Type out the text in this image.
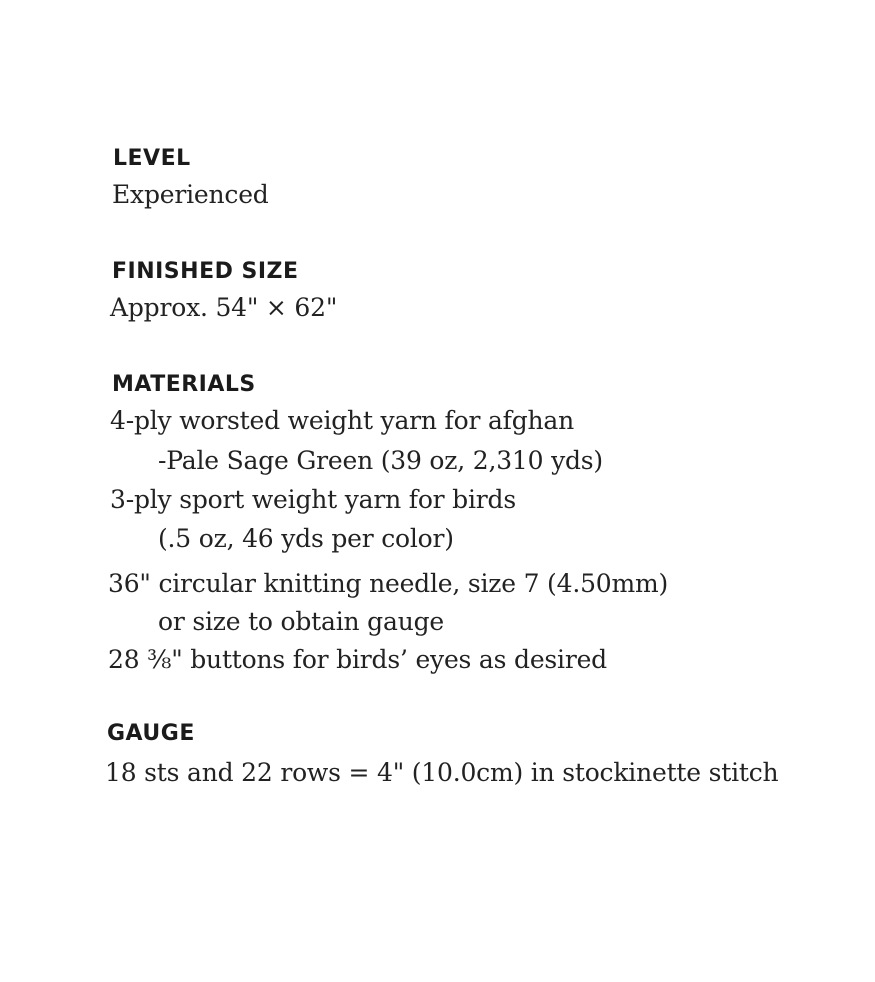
LEVEL
Experienced
FINISHED SIZE
Approx. 54" × 62"
MATERIALS
4-ply worsted weight yarn for afghan
-Pale Sage Green (39 oz, 2,310 yds)
3-ply sport weight yarn for birds
(.5 oz, 46 yds per color)
36" circular knitting needle, size 7 (4.50mm)
or size to obtain gauge
28 ⅜" buttons for birds’ eyes as desired
GAUGE
18 sts and 22 rows = 4" (10.0cm) in stockinette stitch
